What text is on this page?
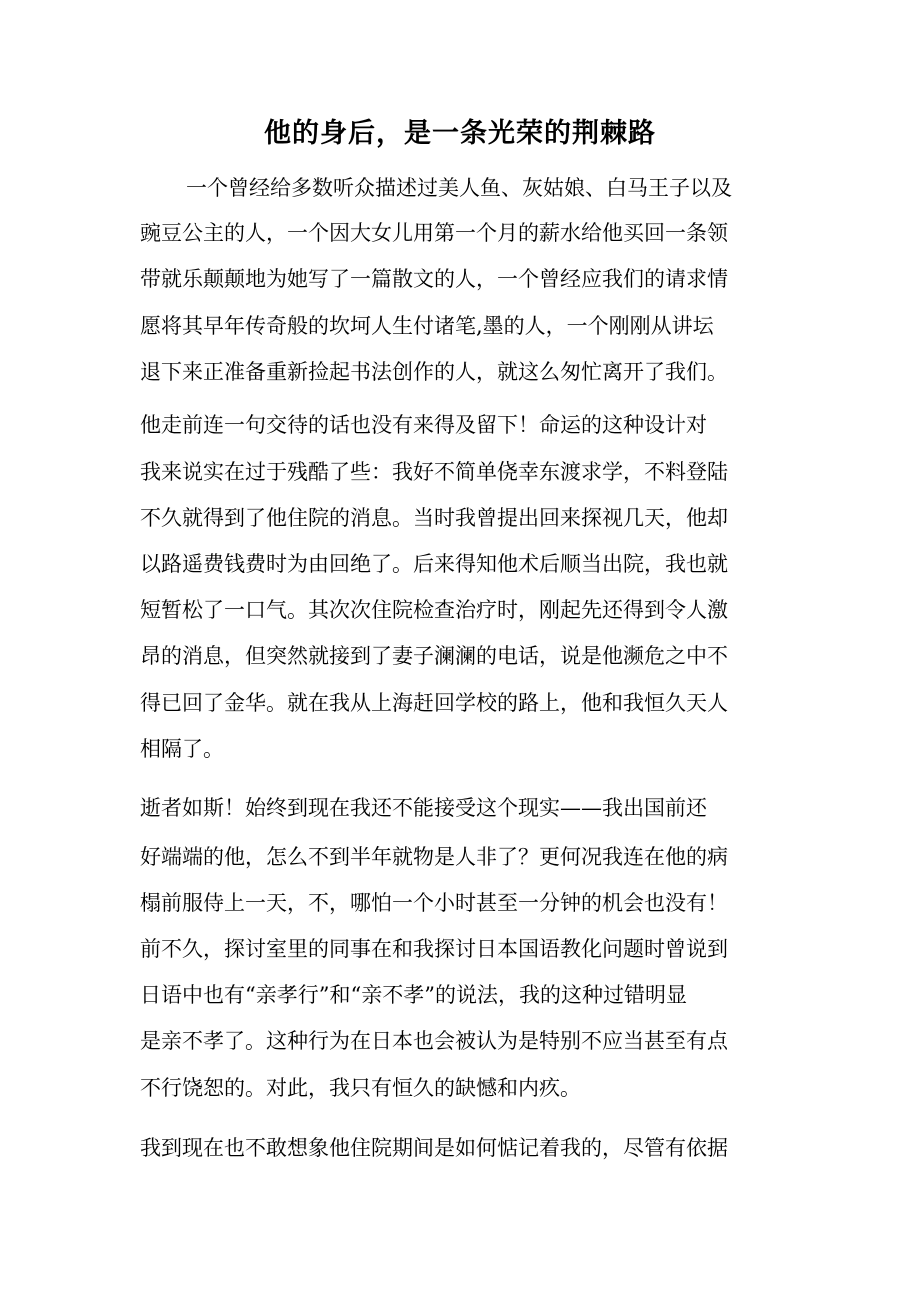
他的身后，是一条光荣的荆棘路

一个曾经给多数听众描述过美人鱼、灰姑娘、白马王子以及

豌豆公主的人，一个因大女儿用第一个月的薪水给他买回一条领

带就乐颠颠地为她写了一篇散文的人，一个曾经应我们的请求情

愿将其早年传奇般的坎坷人生付诸笔,墨的人，一个刚刚从讲坛

退下来正准备重新捡起书法创作的人，就这么匆忙离开了我们。

他走前连一句交待的话也没有来得及留下！命运的这种设计对

我来说实在过于残酷了些：我好不简单侥幸东渡求学，不料登陆

不久就得到了他住院的消息。当时我曾提出回来探视几天，他却

以路遥费钱费时为由回绝了。后来得知他术后顺当出院，我也就

短暂松了一口气。其次次住院检查治疗时，刚起先还得到令人激

昂的消息，但突然就接到了妻子澜澜的电话，说是他濒危之中不

得已回了金华。就在我从上海赶回学校的路上，他和我恒久天人

相隔了。

逝者如斯！始终到现在我还不能接受这个现实——我出国前还

好端端的他，怎么不到半年就物是人非了？更何况我连在他的病

榻前服侍上一天，不，哪怕一个小时甚至一分钟的机会也没有！

前不久，探讨室里的同事在和我探讨日本国语教化问题时曾说到

日语中也有“亲孝行”和“亲不孝”的说法，我的这种过错明显

是亲不孝了。这种行为在日本也会被认为是特别不应当甚至有点

不行饶恕的。对此，我只有恒久的缺憾和内疚。

我到现在也不敢想象他住院期间是如何惦记着我的，尽管有依据
